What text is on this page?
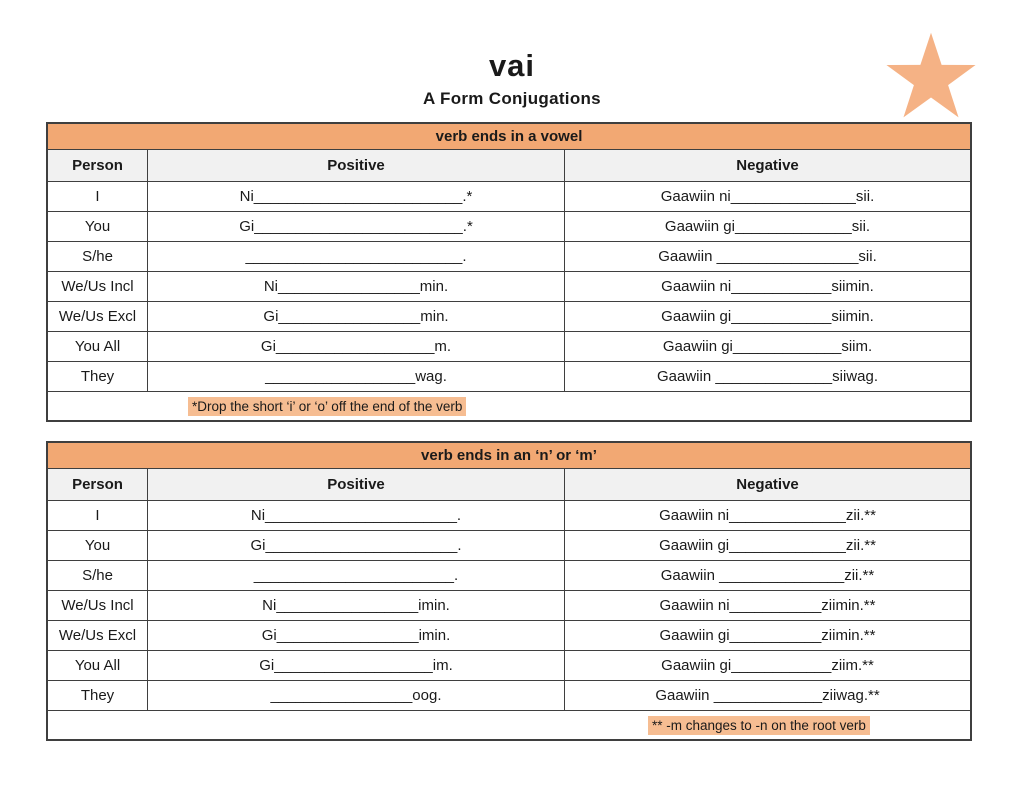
vai
A Form Conjugations
verb ends in a vowel
Person	Positive	Negative
I	Ni_________________________.*	Gaawiin ni_______________sii.
You	Gi_________________________.*	Gaawiin gi______________sii.
S/he	__________________________.	Gaawiin _________________sii.
We/Us Incl	Ni_________________min.	Gaawiin ni____________siimin.
We/Us Excl	Gi_________________min.	Gaawiin gi____________siimin.
You All	Gi___________________m.	Gaawiin gi_____________siim.
They	__________________wag.	Gaawiin ______________siiwag.
*Drop the short ‘i’ or ‘o’ off the end of the verb
verb ends in an ‘n’ or ‘m’
Person	Positive	Negative
I	Ni_______________________.	Gaawiin ni______________zii.**
You	Gi_______________________.	Gaawiin gi______________zii.**
S/he	________________________.	Gaawiin _______________zii.**
We/Us Incl	Ni_________________imin.	Gaawiin ni___________ziimin.**
We/Us Excl	Gi_________________imin.	Gaawiin gi___________ziimin.**
You All	Gi___________________im.	Gaawiin gi____________ziim.**
They	_________________oog.	Gaawiin _____________ziiwag.**
** -m changes to -n on the root verb
